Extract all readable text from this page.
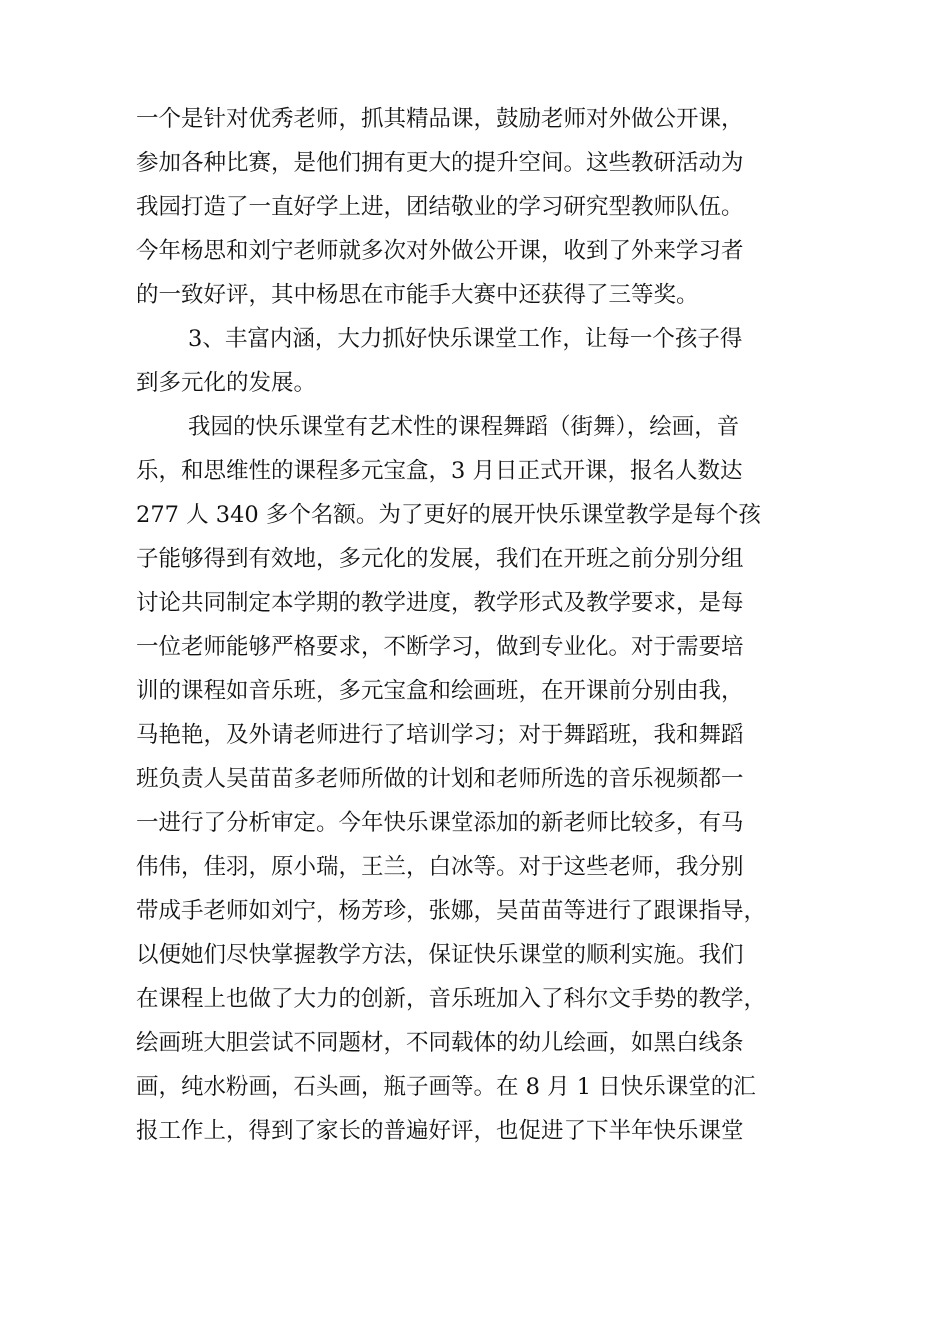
一个是针对优秀老师，抓其精品课，鼓励老师对外做公开课，
参加各种比赛，是他们拥有更大的提升空间。这些教研活动为
我园打造了一直好学上进，团结敬业的学习研究型教师队伍。
今年杨思和刘宁老师就多次对外做公开课，收到了外来学习者
的一致好评，其中杨思在市能手大赛中还获得了三等奖。
3、丰富内涵，大力抓好快乐课堂工作，让每一个孩子得
到多元化的发展。
我园的快乐课堂有艺术性的课程舞蹈（街舞），绘画，音
乐，和思维性的课程多元宝盒，3 月日正式开课，报名人数达
277 人 340 多个名额。为了更好的展开快乐课堂教学是每个孩
子能够得到有效地，多元化的发展，我们在开班之前分别分组
讨论共同制定本学期的教学进度，教学形式及教学要求，是每
一位老师能够严格要求，不断学习，做到专业化。对于需要培
训的课程如音乐班，多元宝盒和绘画班，在开课前分别由我，
马艳艳，及外请老师进行了培训学习；对于舞蹈班，我和舞蹈
班负责人吴苗苗多老师所做的计划和老师所选的音乐视频都一
一进行了分析审定。今年快乐课堂添加的新老师比较多，有马
伟伟，佳羽，原小瑞，王兰，白冰等。对于这些老师，我分别
带成手老师如刘宁，杨芳珍，张娜，吴苗苗等进行了跟课指导，
以便她们尽快掌握教学方法，保证快乐课堂的顺利实施。我们
在课程上也做了大力的创新，音乐班加入了科尔文手势的教学，
绘画班大胆尝试不同题材，不同载体的幼儿绘画，如黑白线条
画，纯水粉画，石头画，瓶子画等。在 8 月 1 日快乐课堂的汇
报工作上，得到了家长的普遍好评，也促进了下半年快乐课堂
